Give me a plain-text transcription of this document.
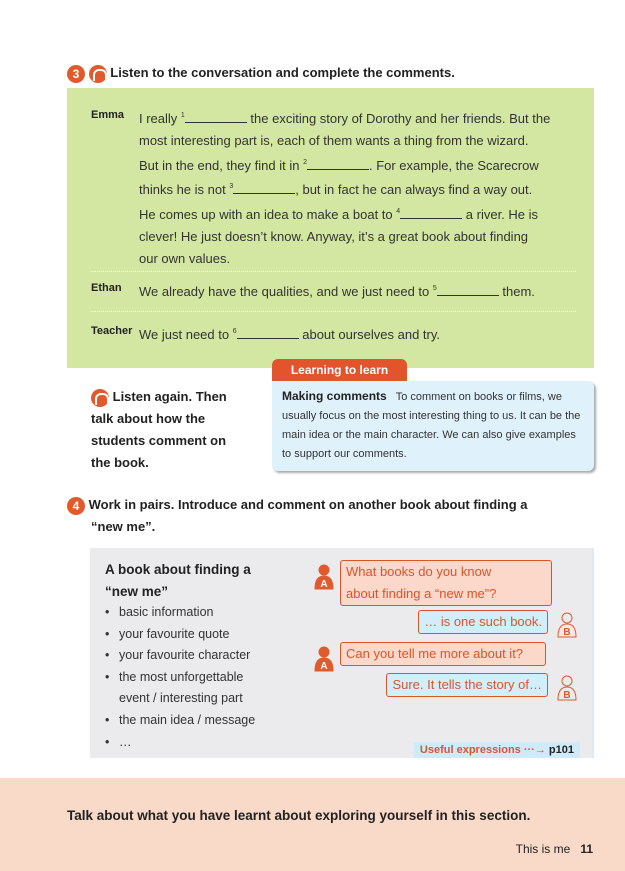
3 Listen to the conversation and complete the comments.
Emma I really $^1$	the exciting story of Dorothy and her friends. But the
most interesting part is, each of them wants a thing from the wizard.
But in the end, they find it in $^2$	. For example, the Scarecrow
thinks he is not $^3$	, but in fact he can always find a way out.
He comes up with an idea to make a boat to $^4$	a river. He is
clever! He just doesn’t know. Anyway, it’s a great book about finding
our own values.
Ethan We already have the qualities, and we just need to $^5$	them.
Teacher We just need to $^6$	about ourselves and try.
Listen again. Then
talk about how the
students comment on
the book.
Learning to learn
Making comments To comment on books or films, we usually focus on the most interesting thing to us. It can be the main idea or the main character. We can also give examples to support our comments.
4 Work in pairs. Introduce and comment on another book about finding a
“new me”.
A book about finding a
“new me”
• basic information
• your favourite quote
• your favourite character
• the most unforgettable
event / interesting part
• the main idea / message
• …
What books do you know
about finding a “new me”?
A
… is one such book.
B
Can you tell me more about it?
A
Sure. It tells the story of…
B
Useful expressions ···→ p101
Talk about what you have learnt about exploring yourself in this section.
This is me 11
